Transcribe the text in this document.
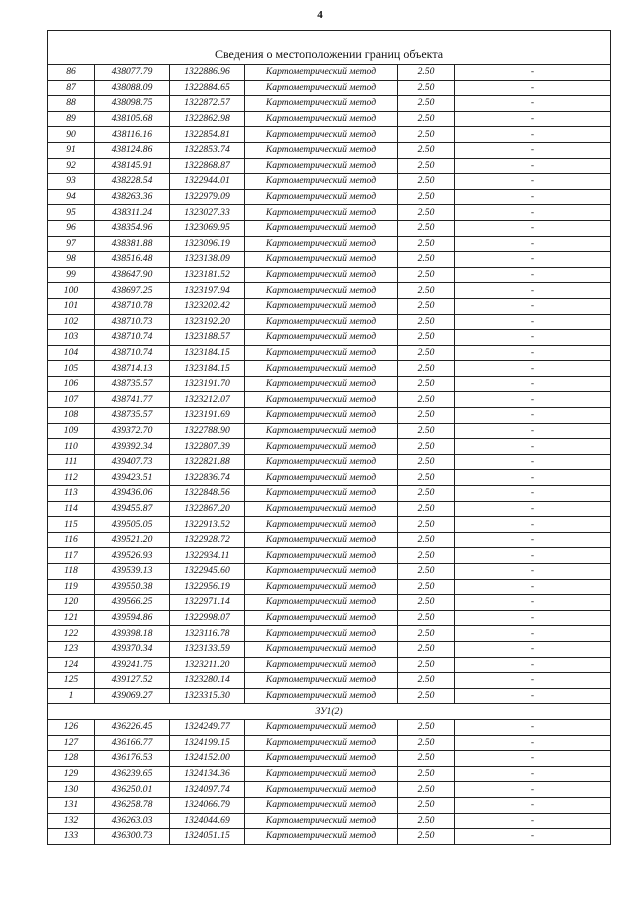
4
Сведения о местоположении границ объекта					
86	438077.79	1322886.96	Картометрический метод	2.50	-
87	438088.09	1322884.65	Картометрический метод	2.50	-
88	438098.75	1322872.57	Картометрический метод	2.50	-
89	438105.68	1322862.98	Картометрический метод	2.50	-
90	438116.16	1322854.81	Картометрический метод	2.50	-
91	438124.86	1322853.74	Картометрический метод	2.50	-
92	438145.91	1322868.87	Картометрический метод	2.50	-
93	438228.54	1322944.01	Картометрический метод	2.50	-
94	438263.36	1322979.09	Картометрический метод	2.50	-
95	438311.24	1323027.33	Картометрический метод	2.50	-
96	438354.96	1323069.95	Картометрический метод	2.50	-
97	438381.88	1323096.19	Картометрический метод	2.50	-
98	438516.48	1323138.09	Картометрический метод	2.50	-
99	438647.90	1323181.52	Картометрический метод	2.50	-
100	438697.25	1323197.94	Картометрический метод	2.50	-
101	438710.78	1323202.42	Картометрический метод	2.50	-
102	438710.73	1323192.20	Картометрический метод	2.50	-
103	438710.74	1323188.57	Картометрический метод	2.50	-
104	438710.74	1323184.15	Картометрический метод	2.50	-
105	438714.13	1323184.15	Картометрический метод	2.50	-
106	438735.57	1323191.70	Картометрический метод	2.50	-
107	438741.77	1323212.07	Картометрический метод	2.50	-
108	438735.57	1323191.69	Картометрический метод	2.50	-
109	439372.70	1322788.90	Картометрический метод	2.50	-
110	439392.34	1322807.39	Картометрический метод	2.50	-
111	439407.73	1322821.88	Картометрический метод	2.50	-
112	439423.51	1322836.74	Картометрический метод	2.50	-
113	439436.06	1322848.56	Картометрический метод	2.50	-
114	439455.87	1322867.20	Картометрический метод	2.50	-
115	439505.05	1322913.52	Картометрический метод	2.50	-
116	439521.20	1322928.72	Картометрический метод	2.50	-
117	439526.93	1322934.11	Картометрический метод	2.50	-
118	439539.13	1322945.60	Картометрический метод	2.50	-
119	439550.38	1322956.19	Картометрический метод	2.50	-
120	439566.25	1322971.14	Картометрический метод	2.50	-
121	439594.86	1322998.07	Картометрический метод	2.50	-
122	439398.18	1323116.78	Картометрический метод	2.50	-
123	439370.34	1323133.59	Картометрический метод	2.50	-
124	439241.75	1323211.20	Картометрический метод	2.50	-
125	439127.52	1323280.14	Картометрический метод	2.50	-
1	439069.27	1323315.30	Картометрический метод	2.50	-
ЗУ1(2)					
126	436226.45	1324249.77	Картометрический метод	2.50	-
127	436166.77	1324199.15	Картометрический метод	2.50	-
128	436176.53	1324152.00	Картометрический метод	2.50	-
129	436239.65	1324134.36	Картометрический метод	2.50	-
130	436250.01	1324097.74	Картометрический метод	2.50	-
131	436258.78	1324066.79	Картометрический метод	2.50	-
132	436263.03	1324044.69	Картометрический метод	2.50	-
133	436300.73	1324051.15	Картометрический метод	2.50	-
